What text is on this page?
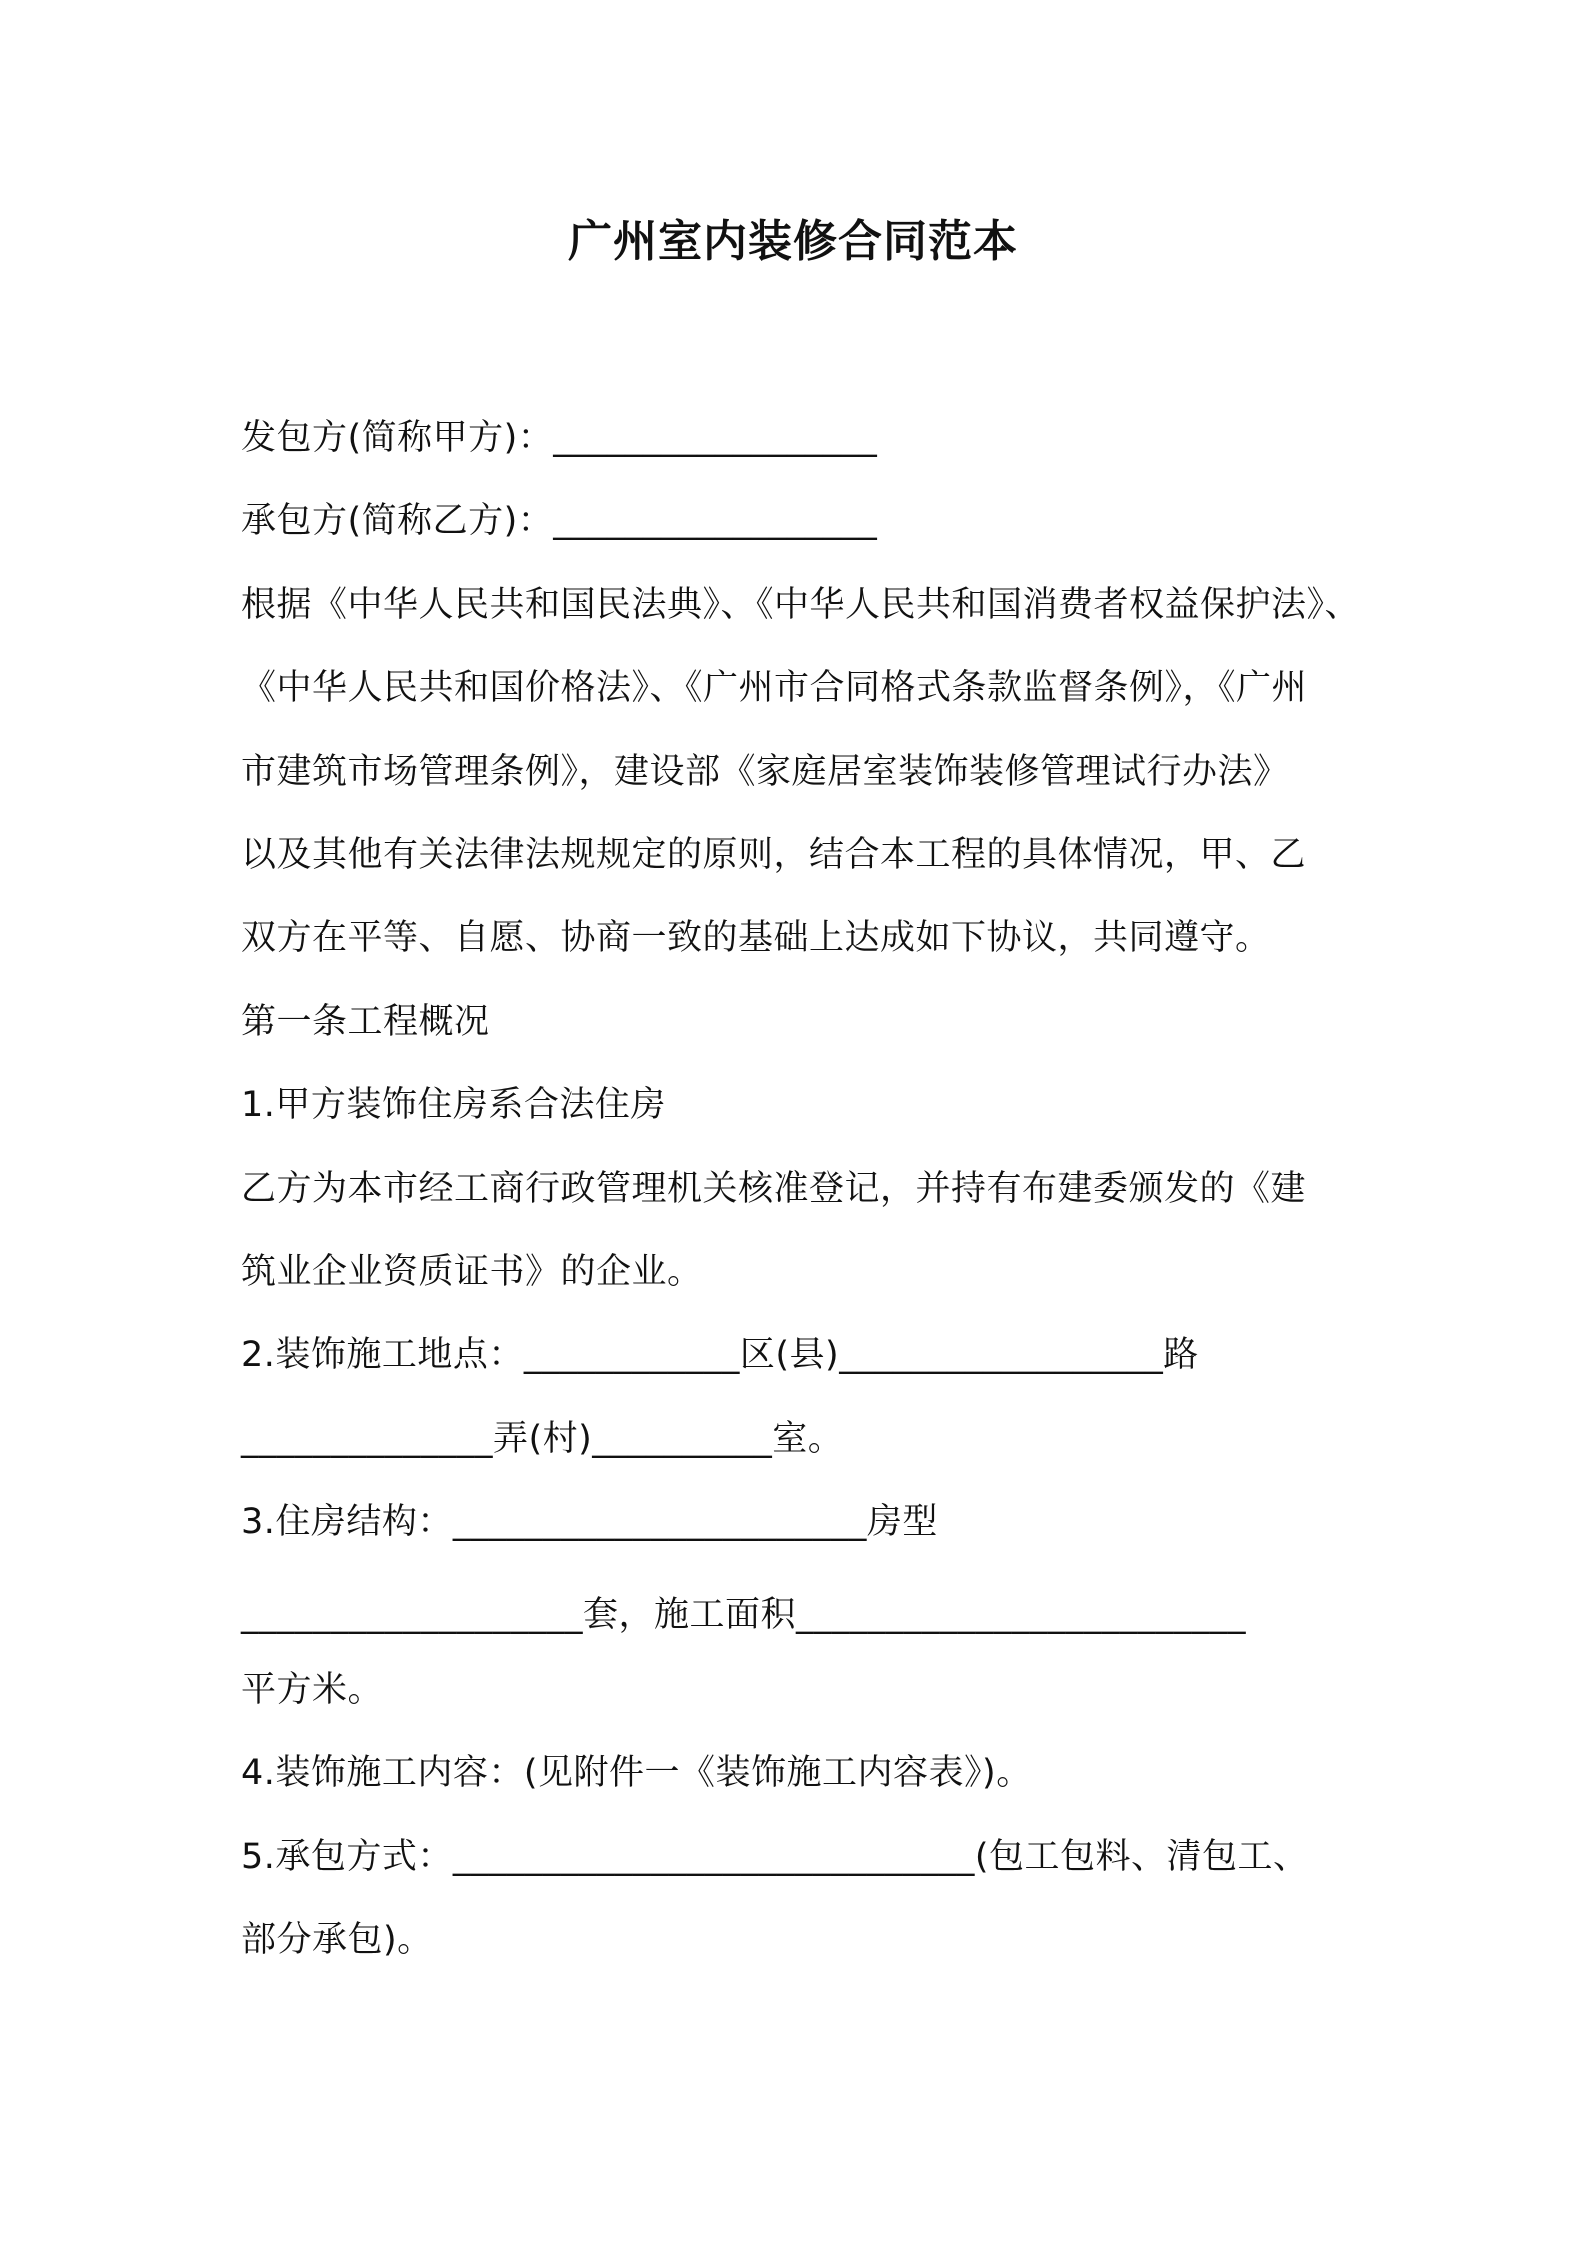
广州室内装修合同范本
发包方(简称甲方)：__________________
承包方(简称乙方)：__________________
根据《中华人民共和国民法典》、《中华人民共和国消费者权益保护法》、
《中华人民共和国价格法》、《广州市合同格式条款监督条例》，《广州
市建筑市场管理条例》，建设部《家庭居室装饰装修管理试行办法》
以及其他有关法律法规规定的原则，结合本工程的具体情况，甲、乙
双方在平等、自愿、协商一致的基础上达成如下协议，共同遵守。
第一条工程概况
1.甲方装饰住房系合法住房
乙方为本市经工商行政管理机关核准登记，并持有布建委颁发的《建
筑业企业资质证书》的企业。
2.装饰施工地点：____________区(县)__________________路
______________弄(村)__________室。
3.住房结构：_______________________房型
___________________套，施工面积_________________________
平方米。
4.装饰施工内容：(见附件一《装饰施工内容表》)。
5.承包方式：_____________________________(包工包料、清包工、
部分承包)。
